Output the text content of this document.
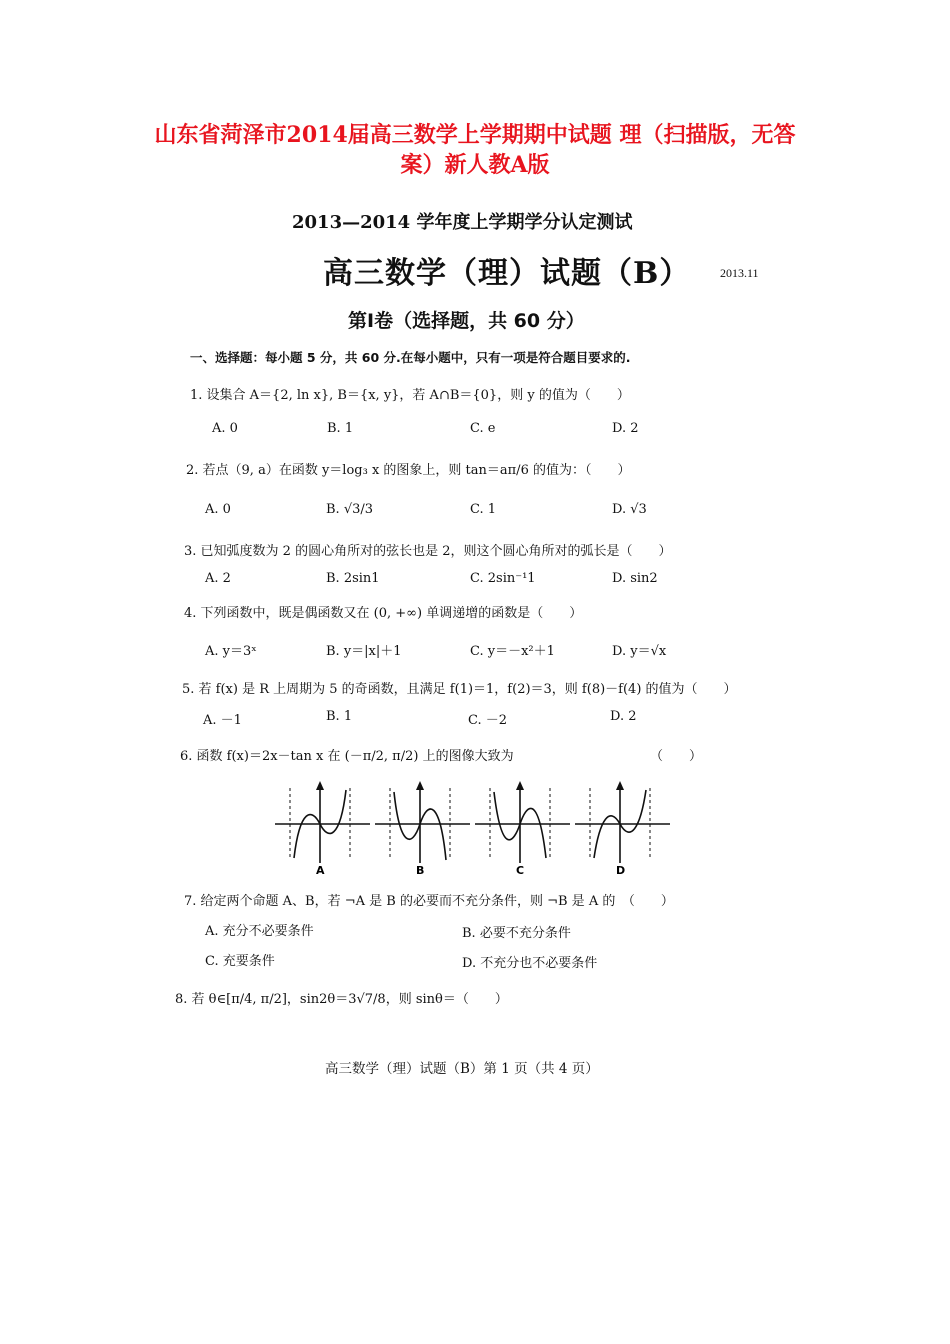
山东省菏泽市2014届高三数学上学期期中试题 理（扫描版，无答
案）新人教A版
2013—2014 学年度上学期学分认定测试
高三数学（理）试题（B） 2013.11
第Ⅰ卷（选择题，共 60 分）
一、选择题：每小题 5 分，共 60 分.在每小题中，只有一项是符合题目要求的.
1. 设集合 A＝{2, ln x}, B＝{x, y}，若 A∩B＝{0}，则 y 的值为（　　）
A. 0	B. 1	C. e	D. 2
2. 若点（9, a）在函数 y＝log₃ x 的图象上，则 tan＝aπ/6 的值为：（　　）
A. 0	B. √3/3	C. 1	D. √3
3. 已知弧度数为 2 的圆心角所对的弦长也是 2，则这个圆心角所对的弧长是（　　）
A. 2	B. 2sin1	C. 2sin⁻¹1	D. sin2
4. 下列函数中，既是偶函数又在 (0, +∞) 单调递增的函数是（　　）
A. y＝3ˣ	B. y＝|x|＋1	C. y＝－x²＋1	D. y＝√x
5. 若 f(x) 是 R 上周期为 5 的奇函数，且满足 f(1)＝1，f(2)＝3，则 f(8)－f(4) 的值为（　　）
A. －1	B. 1	C. －2	D. 2
6. 函数 f(x)＝2x－tan x 在 (－π/2, π/2) 上的图像大致为	（　　）
A	B	C	D
7. 给定两个命题 A、B，若 ¬A 是 B 的必要而不充分条件，则 ¬B 是 A 的　（　　）
A. 充分不必要条件	B. 必要不充分条件
C. 充要条件	D. 不充分也不必要条件
8. 若 θ∈[π/4, π/2]，sin2θ＝3√7/8，则 sinθ＝（　　）
高三数学（理）试题（B）第 1 页（共 4 页）
